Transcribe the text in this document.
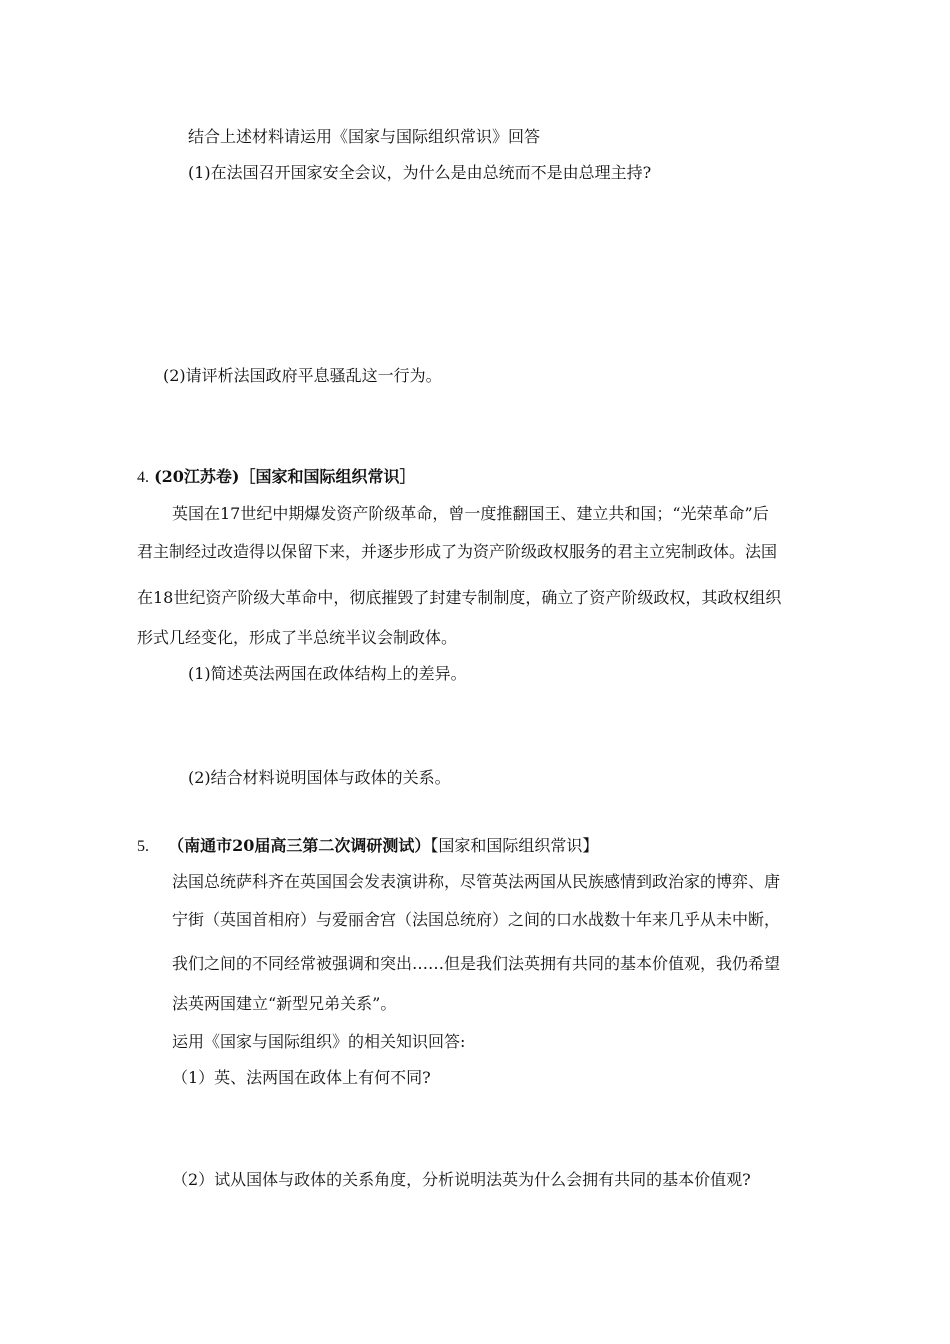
结合上述材料请运用《国家与国际组织常识》回答
(1)在法国召开国家安全会议，为什么是由总统而不是由总理主持?
(2)请评析法国政府平息骚乱这一行为。
4. (20江苏卷)［国家和国际组织常识］
英国在17世纪中期爆发资产阶级革命，曾一度推翻国王、建立共和国；“光荣革命”后
君主制经过改造得以保留下来，并逐步形成了为资产阶级政权服务的君主立宪制政体。法国
在18世纪资产阶级大革命中，彻底摧毁了封建专制制度，确立了资产阶级政权，其政权组织
形式几经变化，形成了半总统半议会制政体。
(1)简述英法两国在政体结构上的差异。
(2)结合材料说明国体与政体的关系。
5. （南通市20届高三第二次调研测试）【国家和国际组织常识】
法国总统萨科齐在英国国会发表演讲称，尽管英法两国从民族感情到政治家的博弈、唐
宁街（英国首相府）与爱丽舍宫（法国总统府）之间的口水战数十年来几乎从未中断，
我们之间的不同经常被强调和突出……但是我们法英拥有共同的基本价值观，我仍希望
法英两国建立“新型兄弟关系”。
运用《国家与国际组织》的相关知识回答:
（1）英、法两国在政体上有何不同?
（2）试从国体与政体的关系角度，分析说明法英为什么会拥有共同的基本价值观?
